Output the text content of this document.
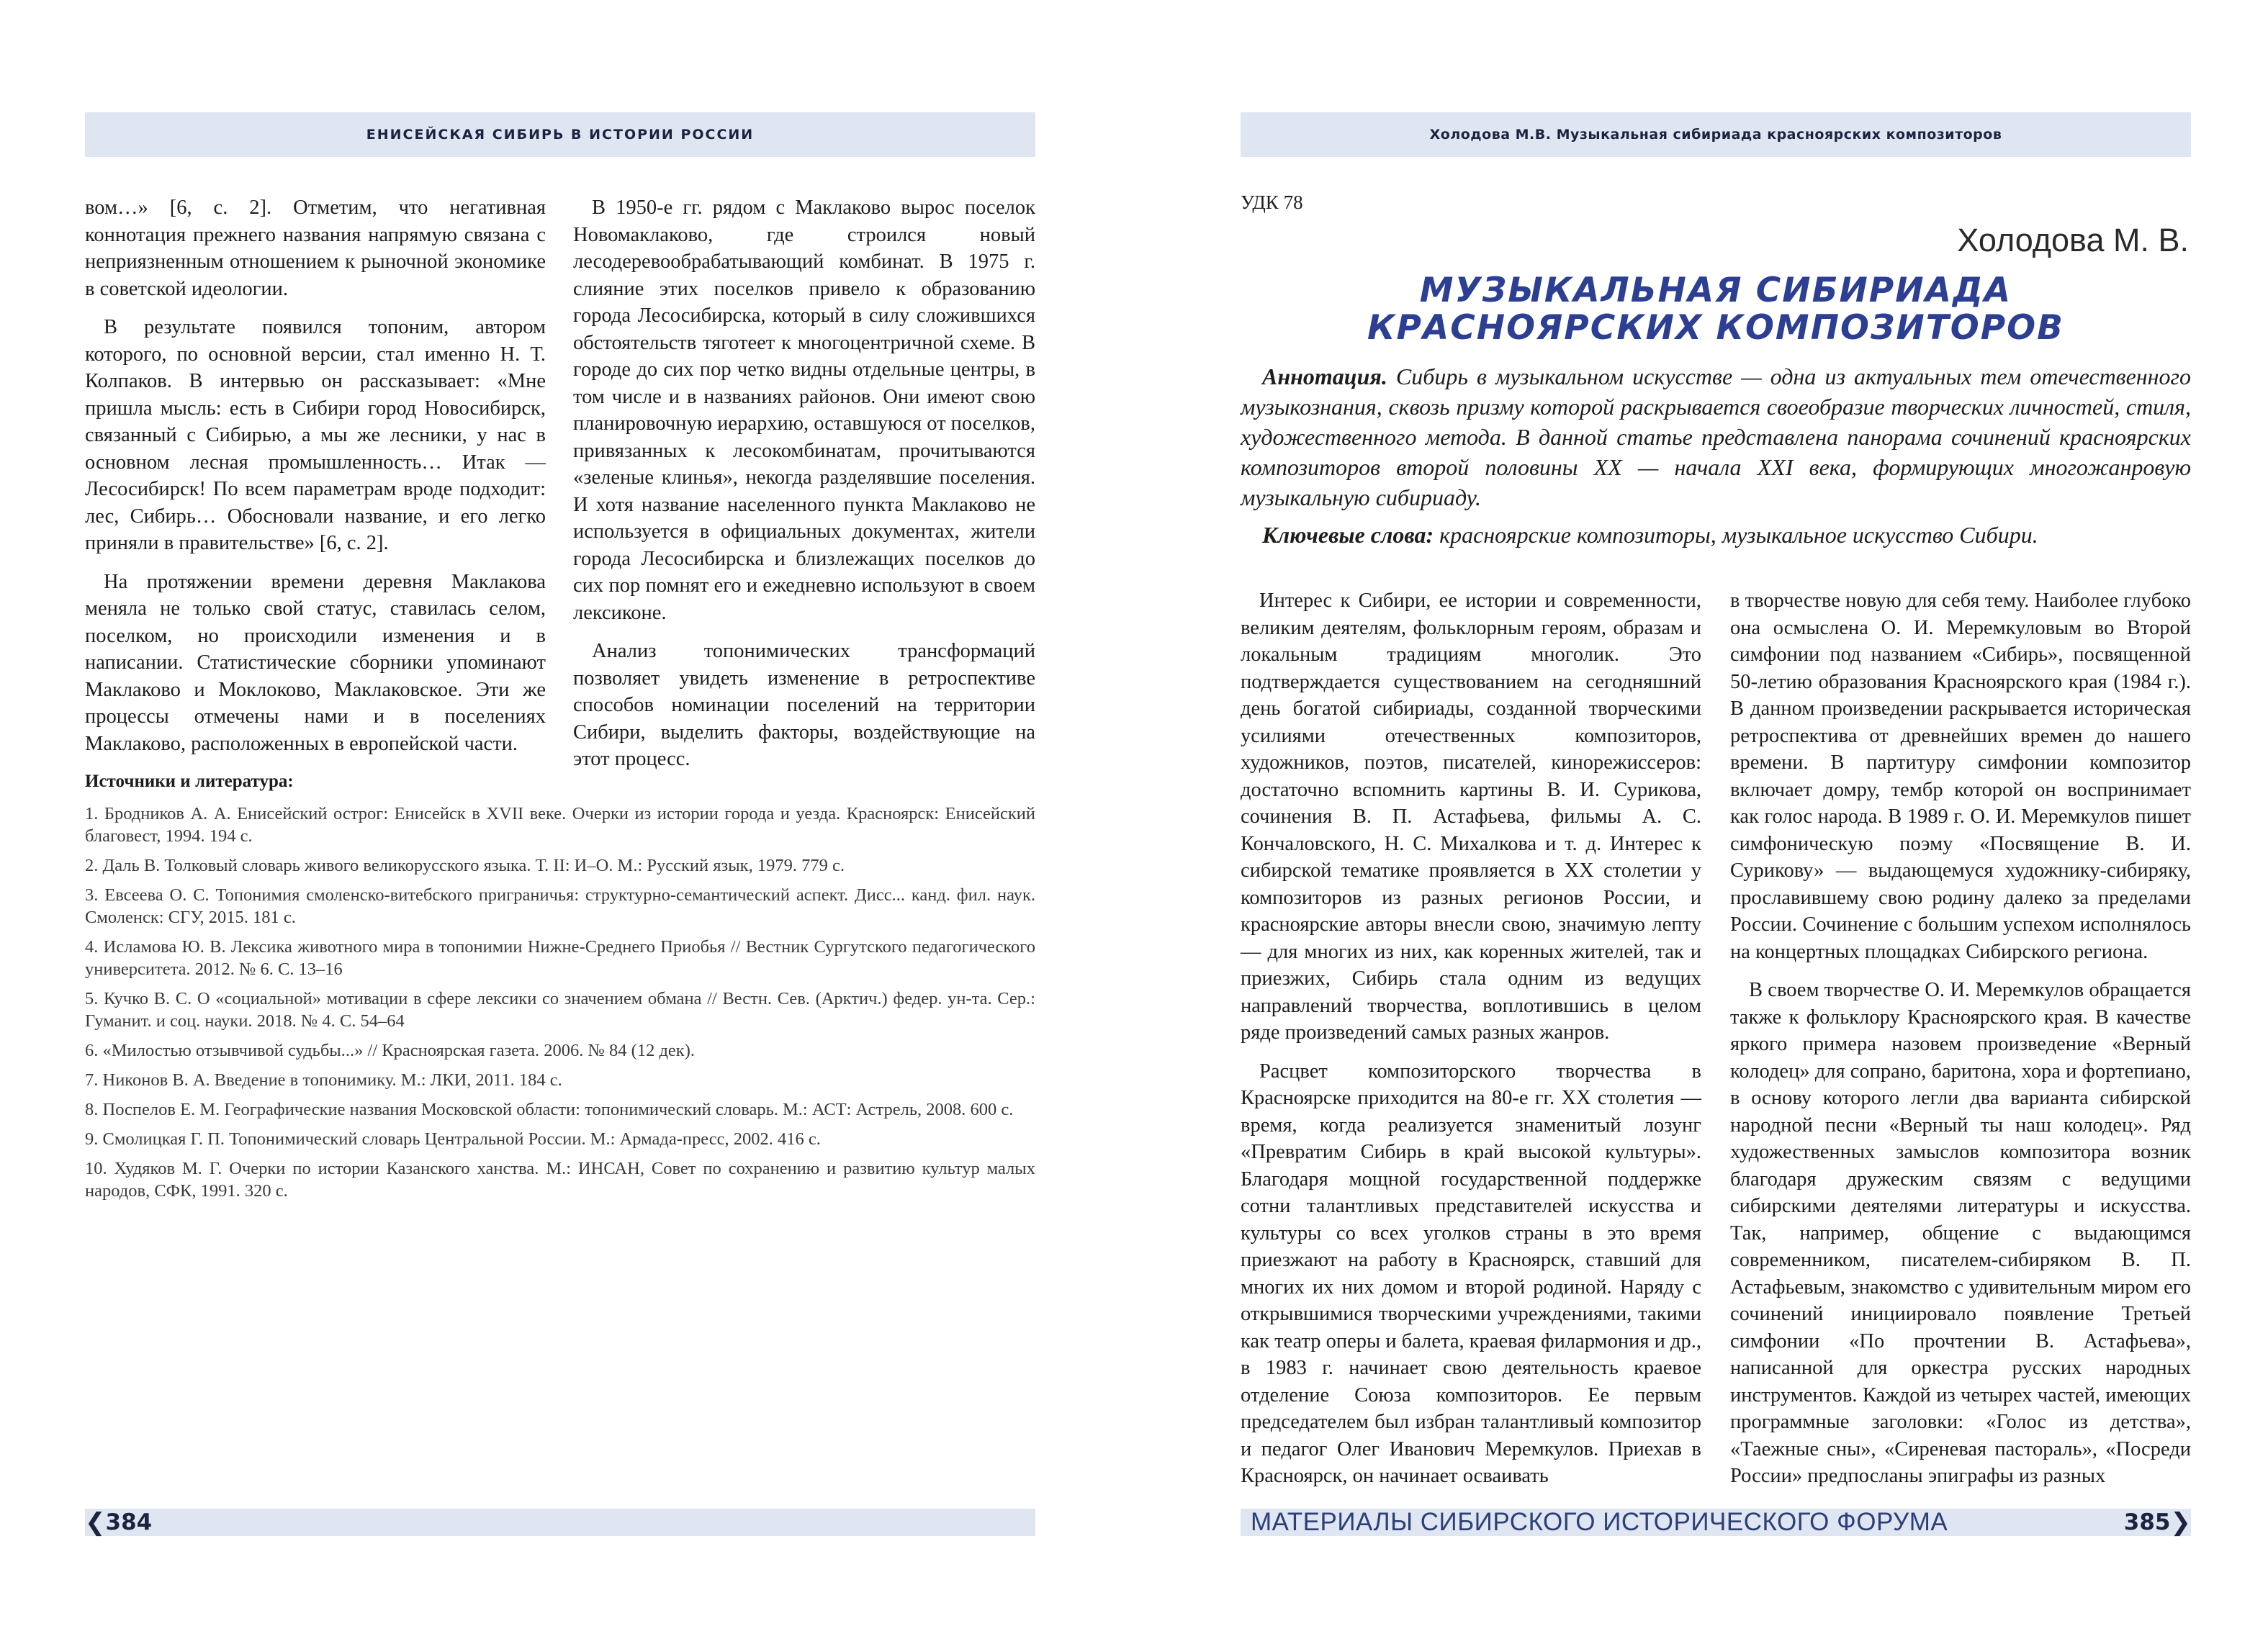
ЕНИСЕЙСКАЯ СИБИРЬ В ИСТОРИИ РОССИИ

вом…» [6, с. 2]. Отметим, что негативная коннотация прежнего названия напрямую связана с неприязненным отношением к рыночной экономике в советской идеологии.

В результате появился топоним, автором которого, по основной версии, стал именно Н. Т. Колпаков. В интервью он рассказывает: «Мне пришла мысль: есть в Сибири город Новосибирск, связанный с Сибирью, а мы же лесники, у нас в основном лесная промышленность… Итак — Лесосибирск! По всем параметрам вроде подходит: лес, Сибирь… Обосновали название, и его легко приняли в правительстве» [6, с. 2].

На протяжении времени деревня Маклакова меняла не только свой статус, ставилась селом, поселком, но происходили изменения и в написании. Статистические сборники упоминают Маклаково и Моклоково, Маклаковское. Эти же процессы отмечены нами и в поселениях Маклаково, расположенных в европейской части.

В 1950-е гг. рядом с Маклаково вырос поселок Новомаклаково, где строился новый лесодеревообрабатывающий комбинат. В 1975 г. слияние этих поселков привело к образованию города Лесосибирска, который в силу сложившихся обстоятельств тяготеет к многоцентричной схеме. В городе до сих пор четко видны отдельные центры, в том числе и в названиях районов. Они имеют свою планировочную иерархию, оставшуюся от поселков, привязанных к лесокомбинатам, прочитываются «зеленые клинья», некогда разделявшие поселения. И хотя название населенного пункта Маклаково не используется в официальных документах, жители города Лесосибирска и близлежащих поселков до сих пор помнят его и ежедневно используют в своем лексиконе.

Анализ топонимических трансформаций позволяет увидеть изменение в ретроспективе способов номинации поселений на территории Сибири, выделить факторы, воздействующие на этот процесс.

Источники и литература:
1. Бродников А. А. Енисейский острог: Енисейск в XVII веке. Очерки из истории города и уезда. Красноярск: Енисейский благовест, 1994. 194 с.
2. Даль В. Толковый словарь живого великорусского языка. Т. II: И–О. М.: Русский язык, 1979. 779 с.
3. Евсеева О. С. Топонимия смоленско-витебского приграничья: структурно-семантический аспект. Дисс... канд. фил. наук. Смоленск: СГУ, 2015. 181 с.
4. Исламова Ю. В. Лексика животного мира в топонимии Нижне-Среднего Приобья // Вестник Сургутского педагогического университета. 2012. № 6. С. 13–16
5. Кучко В. С. О «социальной» мотивации в сфере лексики со значением обмана // Вестн. Сев. (Арктич.) федер. ун-та. Сер.: Гуманит. и соц. науки. 2018. № 4. С. 54–64
6. «Милостью отзывчивой судьбы...» // Красноярская газета. 2006. № 84 (12 дек).
7. Никонов В. А. Введение в топонимику. М.: ЛКИ, 2011. 184 с.
8. Поспелов Е. М. Географические названия Московской области: топонимический словарь. М.: АСТ: Астрель, 2008. 600 с.
9. Смолицкая Г. П. Топонимический словарь Центральной России. М.: Армада-пресс, 2002. 416 с.
10. Худяков М. Г. Очерки по истории Казанского ханства. М.: ИНСАН, Совет по сохранению и развитию культур малых народов, СФК, 1991. 320 с.
❮ 384
Холодова М.В. Музыкальная сибириада красноярских композиторов
УДК 78
Холодова М. В.
МУЗЫКАЛЬНАЯ СИБИРИАДА
КРАСНОЯРСКИХ КОМПОЗИТОРОВ

Аннотация. Сибирь в музыкальном искусстве — одна из актуальных тем отечественного музыкознания, сквозь призму которой раскрывается своеобразие творческих личностей, стиля, художественного метода. В данной статье представлена панорама сочинений красноярских композиторов второй половины XX — начала XXI века, формирующих многожанровую музыкальную сибириаду.

Ключевые слова: красноярские композиторы, музыкальное искусство Сибири.

Интерес к Сибири, ее истории и современности, великим деятелям, фольклорным героям, образам и локальным традициям многолик. Это подтверждается существованием на сегодняшний день богатой сибириады, созданной творческими усилиями отечественных композиторов, художников, поэтов, писателей, кинорежиссеров: достаточно вспомнить картины В. И. Сурикова, сочинения В. П. Астафьева, фильмы А. С. Кончаловского, Н. С. Михалкова и т. д. Интерес к сибирской тематике проявляется в XX столетии у композиторов из разных регионов России, и красноярские авторы внесли свою, значимую лепту — для многих из них, как коренных жителей, так и приезжих, Сибирь стала одним из ведущих направлений творчества, воплотившись в целом ряде произведений самых разных жанров.

Расцвет композиторского творчества в Красноярске приходится на 80-е гг. XX столетия — время, когда реализуется знаменитый лозунг «Превратим Сибирь в край высокой культуры». Благодаря мощной государственной поддержке сотни талантливых представителей искусства и культуры со всех уголков страны в это время приезжают на работу в Красноярск, ставший для многих их них домом и второй родиной. Наряду с открывшимися творческими учреждениями, такими как театр оперы и балета, краевая филармония и др., в 1983 г. начинает свою деятельность краевое отделение Союза композиторов. Ее первым председателем был избран талантливый композитор и педагог Олег Иванович Меремкулов. Приехав в Красноярск, он начинает осваивать

в творчестве новую для себя тему. Наиболее глубоко она осмыслена О. И. Меремкуловым во Второй симфонии под названием «Сибирь», посвященной 50-летию образования Красноярского края (1984 г.). В данном произведении раскрывается историческая ретроспектива от древнейших времен до нашего времени. В партитуру симфонии композитор включает домру, тембр которой он воспринимает как голос народа. В 1989 г. О. И. Меремкулов пишет симфоническую поэму «Посвящение В. И. Сурикову» — выдающемуся художнику-сибиряку, прославившему свою родину далеко за пределами России. Сочинение с большим успехом исполнялось на концертных площадках Сибирского региона.

В своем творчестве О. И. Меремкулов обращается также к фольклору Красноярского края. В качестве яркого примера назовем произведение «Верный колодец» для сопрано, баритона, хора и фортепиано, в основу которого легли два варианта сибирской народной песни «Верный ты наш колодец». Ряд художественных замыслов композитора возник благодаря дружеским связям с ведущими сибирскими деятелями литературы и искусства. Так, например, общение с выдающимся современником, писателем-сибиряком В. П. Астафьевым, знакомство с удивительным миром его сочинений инициировало появление Третьей симфонии «По прочтении В. Астафьева», написанной для оркестра русских народных инструментов. Каждой из четырех частей, имеющих программные заголовки: «Голос из детства», «Таежные сны», «Сиреневая пастораль», «Посреди России» предпосланы эпиграфы из разных

МАТЕРИАЛЫ СИБИРСКОГО ИСТОРИЧЕСКОГО ФОРУМА	385 ❯
